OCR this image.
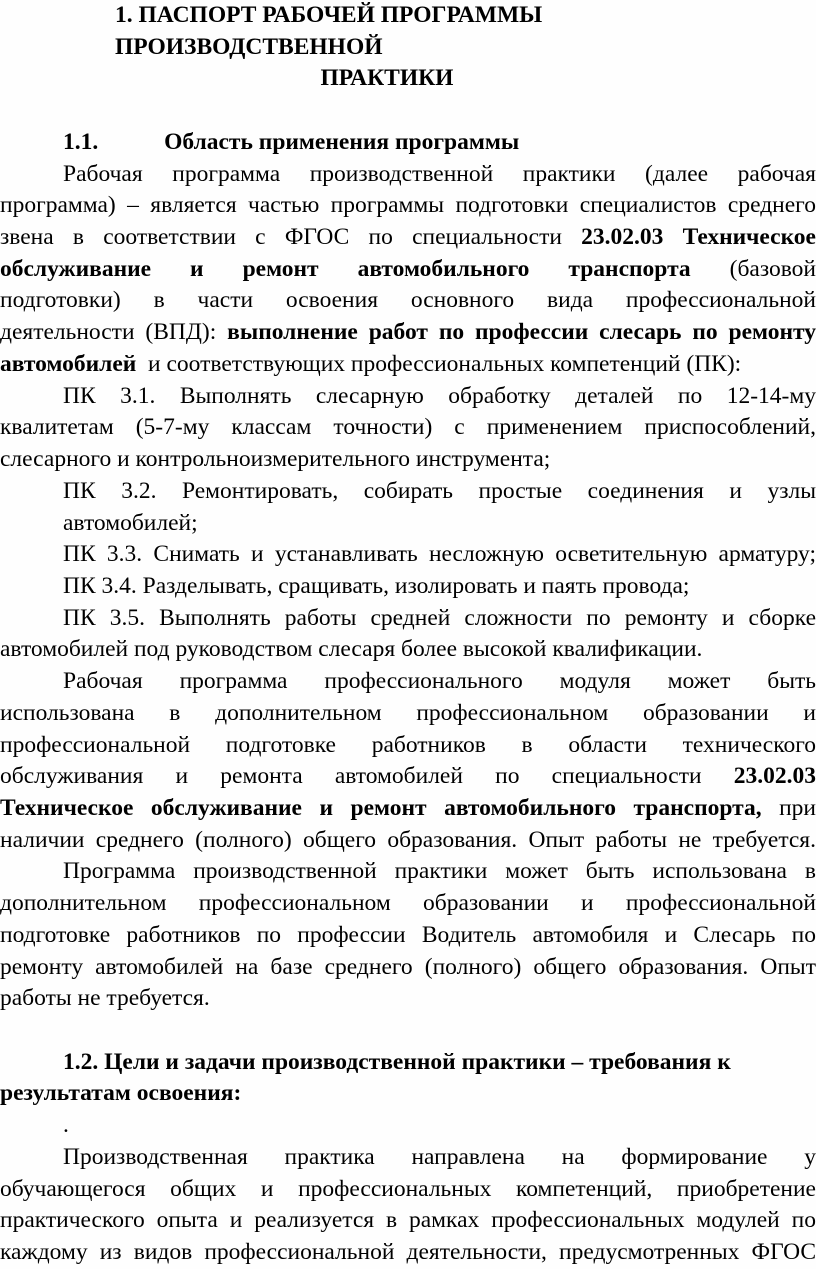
1. ПАСПОРТ РАБОЧЕЙ ПРОГРАММЫ
ПРОИЗВОДСТВЕННОЙ
ПРАКТИКИ

1.1.	Область применения программы
Рабочая программа производственной практики (далее рабочая
программа) – является частью программы подготовки специалистов среднего
звена в соответствии с ФГОС по специальности 23.02.03 Техническое
обслуживание и ремонт автомобильного транспорта (базовой
подготовки) в части освоения основного вида профессиональной
деятельности (ВПД): выполнение работ по профессии слесарь по ремонту
автомобилей  и соответствующих профессиональных компетенций (ПК):
ПК 3.1. Выполнять слесарную обработку деталей по 12-14-му
квалитетам (5-7-му классам точности) с применением приспособлений,
слесарного и контрольноизмерительного инструмента;
ПК 3.2. Ремонтировать, собирать простые соединения и узлы
автомобилей;
ПК 3.3. Снимать и устанавливать несложную осветительную арматуру;
ПК 3.4. Разделывать, сращивать, изолировать и паять провода;
ПК 3.5. Выполнять работы средней сложности по ремонту и сборке
автомобилей под руководством слесаря более высокой квалификации.
Рабочая программа профессионального модуля может быть
использована в дополнительном профессиональном образовании и
профессиональной подготовке работников в области технического
обслуживания и ремонта автомобилей по специальности 23.02.03
Техническое обслуживание и ремонт автомобильного транспорта, при
наличии среднего (полного) общего образования. Опыт работы не требуется.
Программа производственной практики может быть использована в
дополнительном профессиональном образовании и профессиональной
подготовке работников по профессии Водитель автомобиля и Слесарь по
ремонту автомобилей на базе среднего (полного) общего образования. Опыт
работы не требуется.

1.2. Цели и задачи производственной практики – требования к
результатам освоения:
.
Производственная практика направлена на формирование у
обучающегося общих и профессиональных компетенций, приобретение
практического опыта и реализуется в рамках профессиональных модулей по
каждому из видов профессиональной деятельности, предусмотренных ФГОС
